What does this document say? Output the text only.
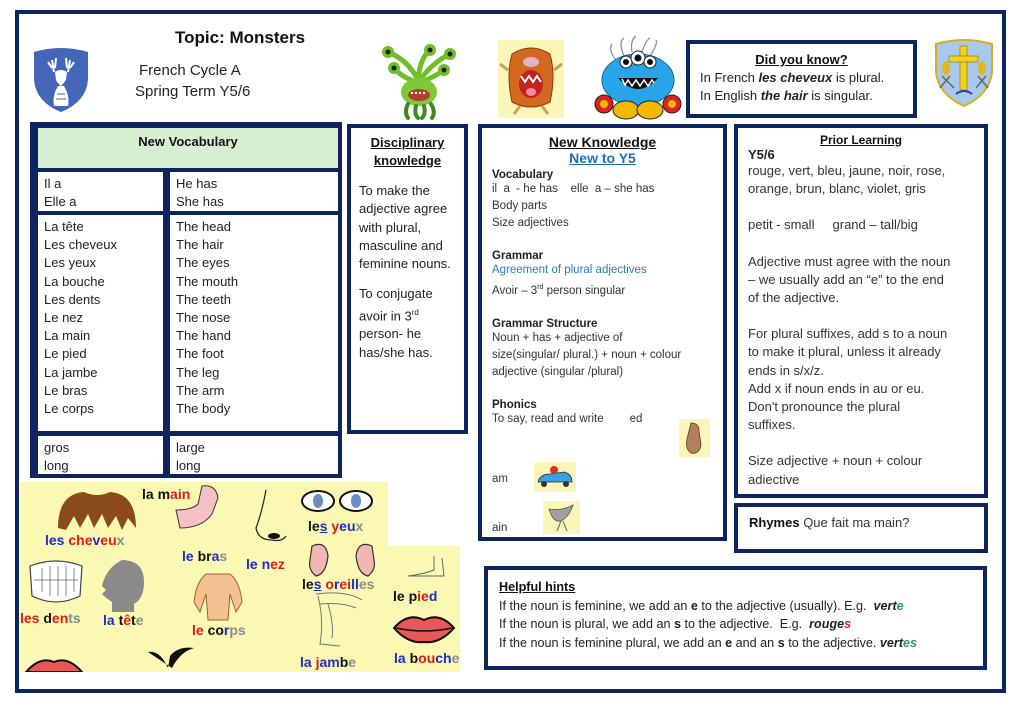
Topic: Monsters
French Cycle A
Spring Term Y5/6
Did you know?
In French les cheveux is plural.
In English the hair is singular.
New Vocabulary
Il a
Elle a
He has
She has
La tête
Les cheveux
Les yeux
La bouche
Les dents
Le nez
La main
Le pied
La jambe
Le bras
Le corps
The head
The hair
The eyes
The mouth
The teeth
The nose
The hand
The foot
The leg
The arm
The body
gros
long
large
long
Disciplinary
knowledge

To make the adjective agree with plural, masculine and feminine nouns.

To conjugate avoir in 3rd person- he has/she has.

New Knowledge
New to Y5
Vocabulary
il  a  - he has    elle  a – she has
Body parts
Size adjectives
Grammar
Agreement of plural adjectives
Avoir – 3rd person singular
Grammar Structure
Noun + has + adjective of
size(singular/ plural.) + noun + colour
adjective (singular /plural)
Phonics
To say, read and write ed
am
ain
Prior Learning
Y5/6
rouge, vert, bleu, jaune, noir, rose,
orange, brun, blanc, violet, gris
petit - small     grand – tall/big
Adjective must agree with the noun
– we usually add an “e” to the end
of the adjective.
For plural suffixes, add s to a noun
to make it plural, unless it already
ends in s/x/z.
Add x if noun ends in au or eu.
Don't pronounce the plural
suffixes.
Size adjective + noun + colour
adiective
Rhymes Que fait ma main?
Helpful hints
If the noun is feminine, we add an e to the adjective (usually). E.g.  verte
If the noun is plural, we add an s to the adjective.  E.g.  rouges
If the noun is feminine plural, we add an e and an s to the adjective. vertes
les cheveux
la main
les yeux
le bras le nez
les oreilles
les dents la tête
le corps
le pied
la jambe	la bouche
